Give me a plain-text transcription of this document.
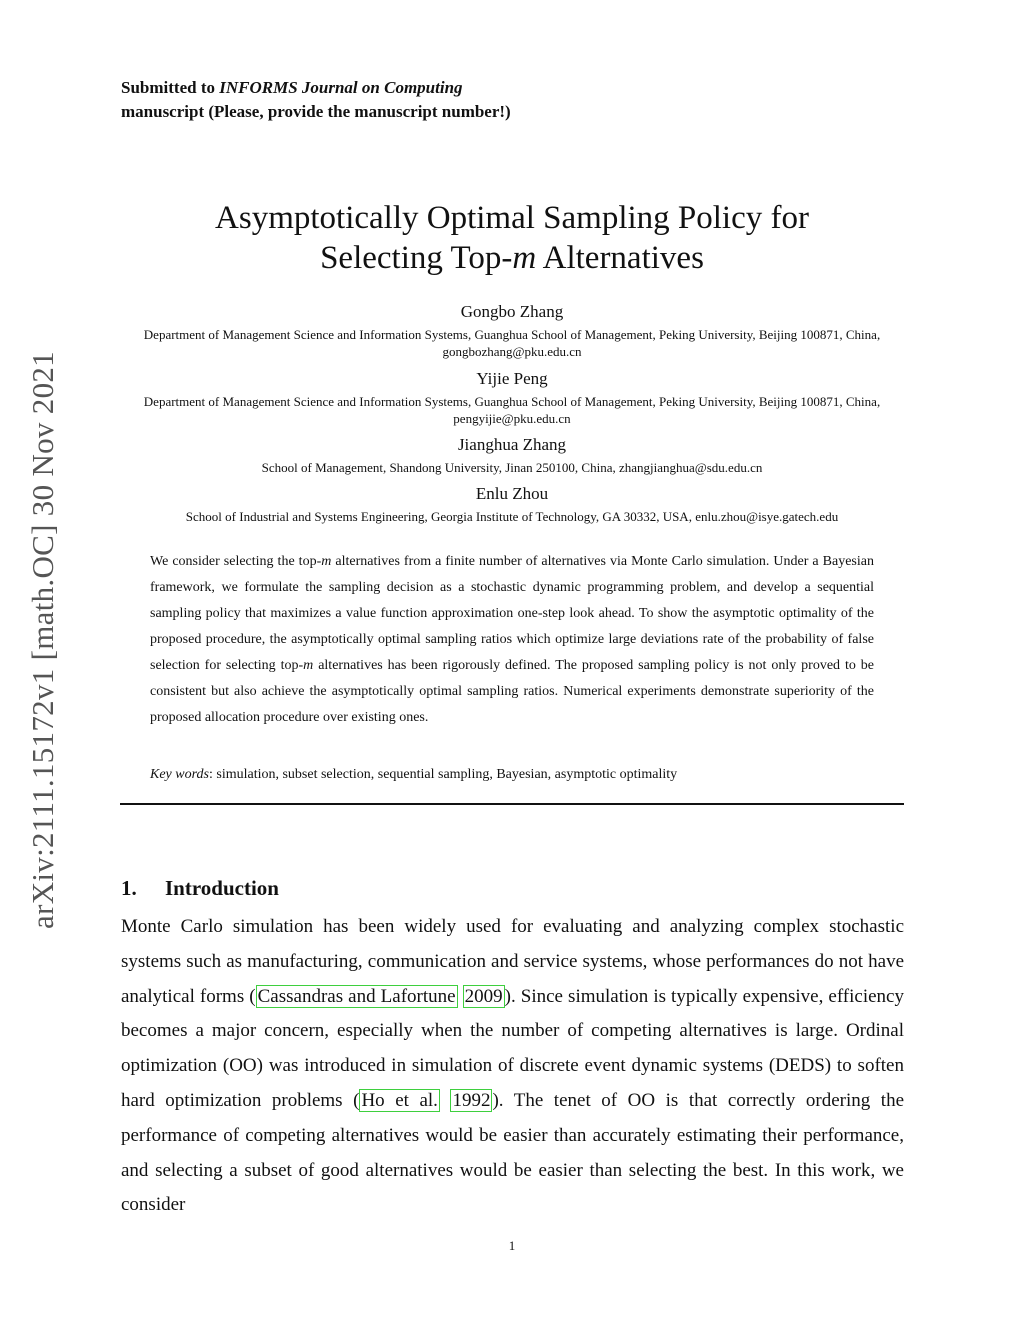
arXiv:2111.15172v1 [math.OC] 30 Nov 2021
Submitted to INFORMS Journal on Computing
manuscript (Please, provide the manuscript number!)
Asymptotically Optimal Sampling Policy for
Selecting Top-m Alternatives
Gongbo Zhang
Department of Management Science and Information Systems, Guanghua School of Management, Peking University, Beijing 100871, China, gongbozhang@pku.edu.cn
Yijie Peng
Department of Management Science and Information Systems, Guanghua School of Management, Peking University, Beijing 100871, China, pengyijie@pku.edu.cn
Jianghua Zhang
School of Management, Shandong University, Jinan 250100, China, zhangjianghua@sdu.edu.cn
Enlu Zhou
School of Industrial and Systems Engineering, Georgia Institute of Technology, GA 30332, USA, enlu.zhou@isye.gatech.edu
We consider selecting the top-m alternatives from a finite number of alternatives via Monte Carlo simulation. Under a Bayesian framework, we formulate the sampling decision as a stochastic dynamic programming problem, and develop a sequential sampling policy that maximizes a value function approximation one-step look ahead. To show the asymptotic optimality of the proposed procedure, the asymptotically optimal sampling ratios which optimize large deviations rate of the probability of false selection for selecting top-m alternatives has been rigorously defined. The proposed sampling policy is not only proved to be consistent but also achieve the asymptotically optimal sampling ratios. Numerical experiments demonstrate superiority of the proposed allocation procedure over existing ones.
Key words: simulation, subset selection, sequential sampling, Bayesian, asymptotic optimality
1. Introduction
Monte Carlo simulation has been widely used for evaluating and analyzing complex stochastic systems such as manufacturing, communication and service systems, whose performances do not have analytical forms ( Cassandras and Lafortune 2009 ). Since simulation is typically expensive, efficiency becomes a major concern, especially when the number of competing alternatives is large. Ordinal optimization (OO) was introduced in simulation of discrete event dynamic systems (DEDS) to soften hard optimization problems ( Ho et al. 1992 ). The tenet of OO is that correctly ordering the performance of competing alternatives would be easier than accurately estimating their performance, and selecting a subset of good alternatives would be easier than selecting the best. In this work, we consider
1
